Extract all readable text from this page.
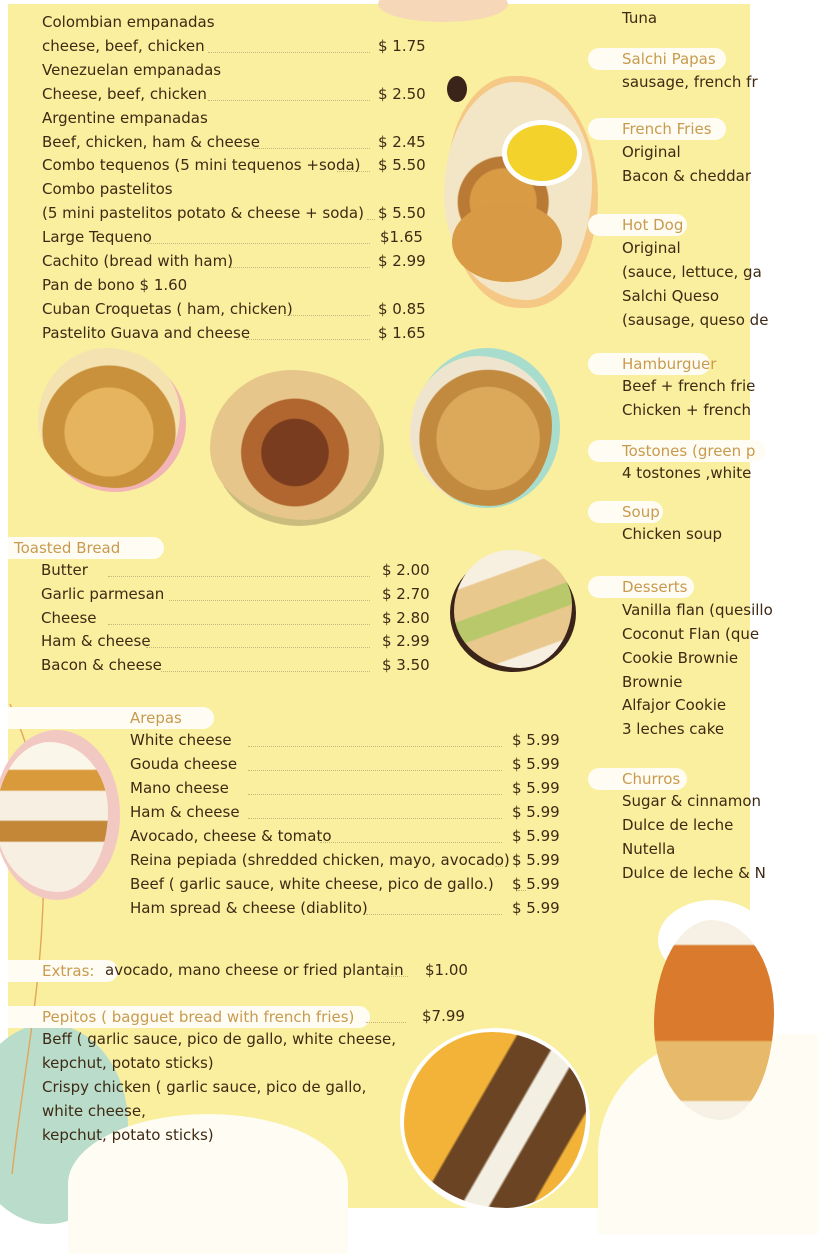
Colombian empanadas
cheese, beef, chicken	$ 1.75
Venezuelan empanadas
Cheese, beef, chicken	$ 2.50
Argentine empanadas
Beef, chicken, ham & cheese	$ 2.45
Combo tequenos (5 mini tequenos +soda) $ 5.50
Combo pastelitos
(5 mini pastelitos potato & cheese + soda) $ 5.50
Large Tequeno	$1.65
Cachito (bread with ham)	$ 2.99
Pan de bono $ 1.60
Cuban Croquetas ( ham, chicken)	$ 0.85
Pastelito Guava and cheese	$ 1.65
Toasted Bread
Butter	$ 2.00
Garlic parmesan	$ 2.70
Cheese	$ 2.80
Ham & cheese	$ 2.99
Bacon & cheese	$ 3.50
Arepas
White cheese	$ 5.99
Gouda cheese	$ 5.99
Mano cheese	$ 5.99
Ham & cheese	$ 5.99
Avocado, cheese & tomato	$ 5.99
Reina pepiada (shredded chicken, mayo, avocado) $ 5.99
Beef ( garlic sauce, white cheese, pico de gallo.) $ 5.99
Ham spread & cheese (diablito)	$ 5.99
Extras: avocado, mano cheese or fried plantain $1.00
Pepitos ( bagguet bread with french fries)	$7.99
Beff ( garlic sauce, pico de gallo, white cheese,
kepchut, potato sticks)
Crispy chicken ( garlic sauce, pico de gallo,
white cheese,
kepchut, potato sticks)
Tuna
Salchi Papas
sausage, french fr
French Fries
Original
Bacon & cheddar
Hot Dog
Original
(sauce, lettuce, ga
Salchi Queso
(sausage, queso de
Hamburguer
Beef + french frie
Chicken + french
Tostones (green p
4 tostones ,white
Soup
Chicken soup
Desserts
Vanilla flan (quesillo
Coconut Flan (que
Cookie Brownie
Brownie
Alfajor Cookie
3 leches cake
Churros
Sugar & cinnamon
Dulce de leche
Nutella
Dulce de leche & N
